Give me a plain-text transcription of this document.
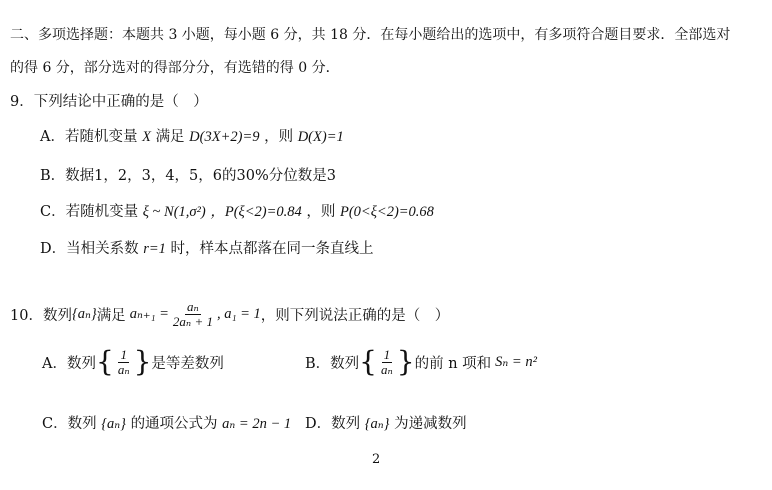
二、多项选择题：本题共 3 小题，每小题 6 分，共 18 分．在每小题给出的选项中，有多项符合题目要求．全部选对
的得 6 分，部分选对的得部分分，有选错的得 0 分．
9．下列结论中正确的是（　）
A．若随机变量 X 满足 D(3X+2)=9 ，则 D(X)=1
B．数据1，2，3，4，5，6的30%分位数是3
C．若随机变量 ξ ~ N(1,σ²) ，P(ξ<2)=0.84 ，则 P(0<ξ<2)=0.68
D．当相关系数 r=1 时，样本点都落在同一条直线上
10．数列 {aₙ} 满足 $a_{n+1} = \frac{\text{aₙ}}{\text{2aₙ + 1}}$ , a₁ = 1 ，则下列说法正确的是（　）
A．数列 { $\frac{1}{\text{aₙ}}$ } 是等差数列	B．数列 { $\frac{1}{\text{aₙ}}$ } 的前 n 项和 Sₙ = n²
C．数列 {aₙ} 的通项公式为 aₙ = 2n − 1 D．数列 {aₙ} 为递减数列
2
